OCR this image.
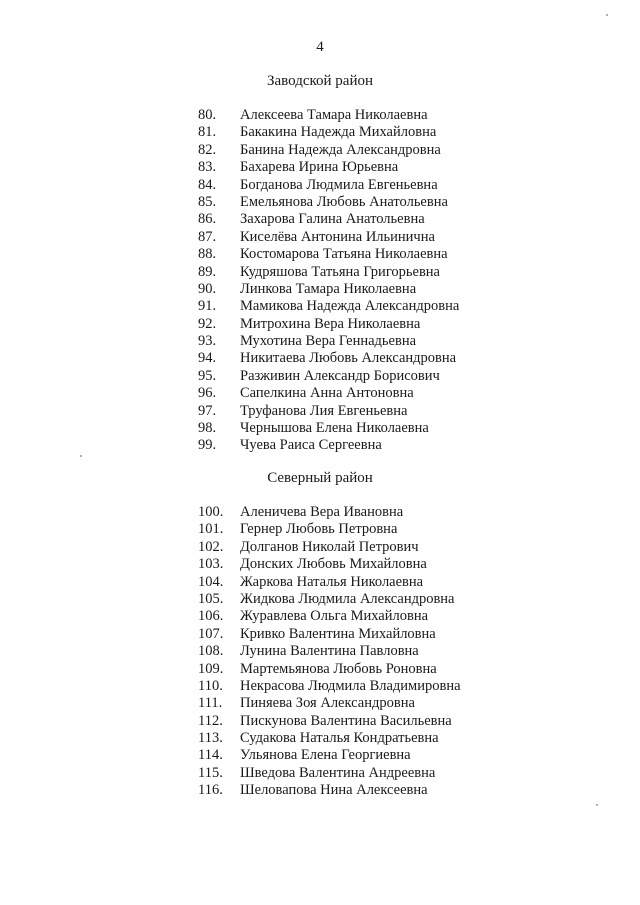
4
Заводской район
80. Алексеева Тамара Николаевна
81. Бакакина Надежда Михайловна
82. Банина Надежда Александровна
83. Бахарева Ирина Юрьевна
84. Богданова Людмила Евгеньевна
85. Емельянова Любовь Анатольевна
86. Захарова Галина Анатольевна
87. Киселёва Антонина Ильинична
88. Костомарова Татьяна Николаевна
89. Кудряшова Татьяна Григорьевна
90. Линкова Тамара Николаевна
91. Мамикова Надежда Александровна
92. Митрохина Вера Николаевна
93. Мухотина Вера Геннадьевна
94. Никитаева Любовь Александровна
95. Разживин Александр Борисович
96. Сапелкина Анна Антоновна
97. Труфанова Лия Евгеньевна
98. Чернышова Елена Николаевна
99. Чуева Раиса Сергеевна
Северный район
100. Аленичева Вера Ивановна
101. Гернер Любовь Петровна
102. Долганов Николай Петрович
103. Донских Любовь Михайловна
104. Жаркова Наталья Николаевна
105. Жидкова Людмила Александровна
106. Журавлева Ольга Михайловна
107. Кривко Валентина Михайловна
108. Лунина Валентина Павловна
109. Мартемьянова Любовь Роновна
110. Некрасова Людмила Владимировна
111. Пиняева Зоя Александровна
112. Пискунова Валентина Васильевна
113. Судакова Наталья Кондратьевна
114. Ульянова Елена Георгиевна
115. Шведова Валентина Андреевна
116. Шеловапова Нина Алексеевна
